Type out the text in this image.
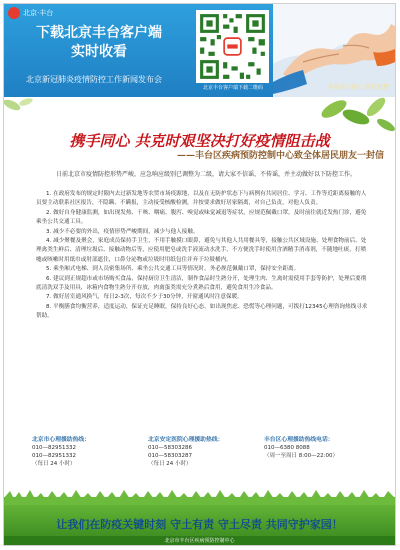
北京·丰台
下载北京丰台客户端
实时收看
北京新冠肺炎疫情防控工作新闻发布会
北京丰台客户端下载二维码	手牵手心连心 共抗疫情
携手同心 共克时艰坚决打好疫情阻击战
——丰台区疾病预防控制中心致全体居民朋友一封信
日前北京市疫情防控形势严峻，应急响应级别已调整为二级，请大家不信谣、不传谣，并主动做好以下防控工作。

1. 在政府发布的规定时限内去过新发地等农贸市场疫源地，以及在无防护状态下与病例有共同居住、学习、工作等近距离接触的人员要主动联系社区报告，不隐瞒、不瞒报，主动接受核酸检测，并按要求做好居家隔离，对自己负责，对他人负责。

2. 做好自身健康监测，如出现发热、干咳、咽痛、腹泻、嗅觉或味觉减退等症状，应规范佩戴口罩，及时前往就近发热门诊，避免乘坐公共交通工具。

3. 减少不必要的外出，疫情形势严峻期间，减少与他人接触。

4. 减少聚餐及聚会，家庭成员保持手卫生，不用手触摸口眼鼻，避免与其他人共用餐具等，接触公共区域设施、处理食物前后、处理禽类生鲜后、清理垃圾后、接触动物后等，应使用肥皂或洗手液流动水洗手，不方便洗手时使用含酒精手消毒剂，不随地吐痰，打喷嚏或咳嗽时用纸巾或肘部遮住，口鼻分泌物或垃圾时用纸包住并弃于垃圾桶内。

5. 乘坐厢式电梯、到人员密集场所、乘坐公共交通工具等情况时，务必规范佩戴口罩，保持安全距离。

6. 建议到正规超市或市场购买食品，保持厨房卫生清洁，制作食品时生熟分开，处理生肉、生禽时需使用手套等防护，处理后要彻底清洗双手及用具，冰箱内食物生熟分开存放，肉禽蛋类需充分煮熟后食用，避免食用生冷食品。

7. 做好居室通风换气，每日2-3次，每次不少于30分钟，开窗通风时注意保暖。

8. 平衡膳食均衡营养，适度运动，保证充足睡眠，保持良好心态，如出现焦虑、恐慌等心理问题，可拨打12345心理咨询热线寻求帮助。

北京市心理援助热线：
010—82951332
010—82951332
（每日 24 小时）
北京安定医院心理援助热线：
010—58303286
010—58303287
（每日 24 小时）
丰台区心理援助热线电话：
010—6380 8088
（周一至周日 8:00—22:00）
让我们在防疫关键时刻 守土有责 守土尽责 共同守护家园！
北京市丰台区疾病预防控制中心
